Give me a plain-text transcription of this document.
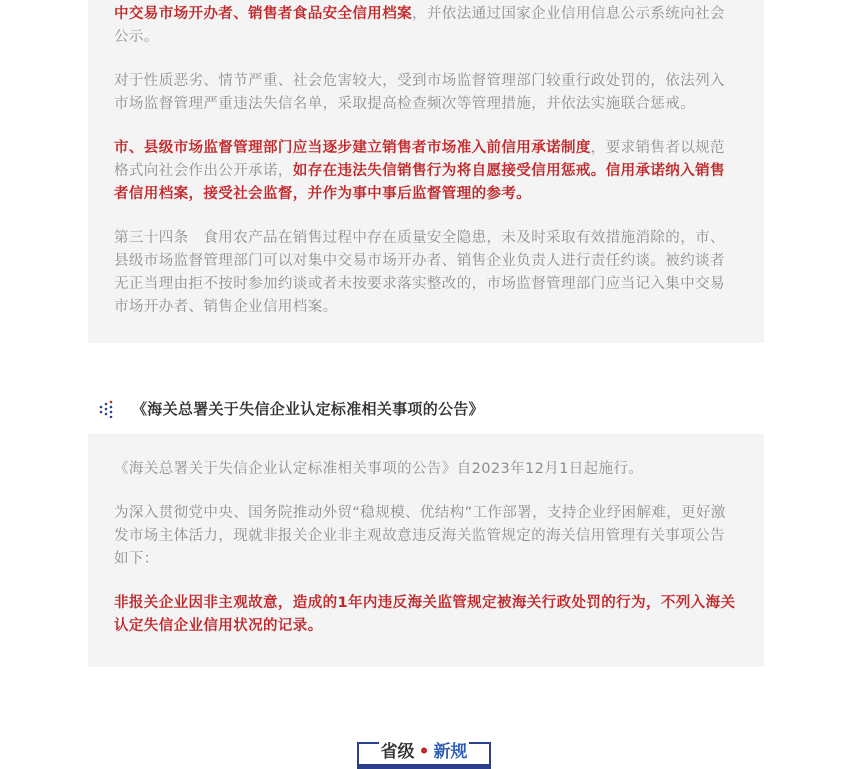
中交易市场开办者、销售者食品安全信用档案，并依法通过国家企业信用信息公示系统向社会公示。

对于性质恶劣、情节严重、社会危害较大，受到市场监督管理部门较重行政处罚的，依法列入市场监督管理严重违法失信名单，采取提高检查频次等管理措施，并依法实施联合惩戒。

市、县级市场监督管理部门应当逐步建立销售者市场准入前信用承诺制度，要求销售者以规范格式向社会作出公开承诺，如存在违法失信销售行为将自愿接受信用惩戒。信用承诺纳入销售者信用档案，接受社会监督，并作为事中事后监督管理的参考。

第三十四条　食用农产品在销售过程中存在质量安全隐患，未及时采取有效措施消除的，市、县级市场监督管理部门可以对集中交易市场开办者、销售企业负责人进行责任约谈。被约谈者无正当理由拒不按时参加约谈或者未按要求落实整改的，市场监督管理部门应当记入集中交易市场开办者、销售企业信用档案。

《海关总署关于失信企业认定标准相关事项的公告》

《海关总署关于失信企业认定标准相关事项的公告》自2023年12月1日起施行。

为深入贯彻党中央、国务院推动外贸“稳规模、优结构”工作部署，支持企业纾困解难，更好激发市场主体活力，现就非报关企业非主观故意违反海关监管规定的海关信用管理有关事项公告如下：

非报关企业因非主观故意，造成的1年内违反海关监管规定被海关行政处罚的行为，不列入海关认定失信企业信用状况的记录。

省级 • 新规
